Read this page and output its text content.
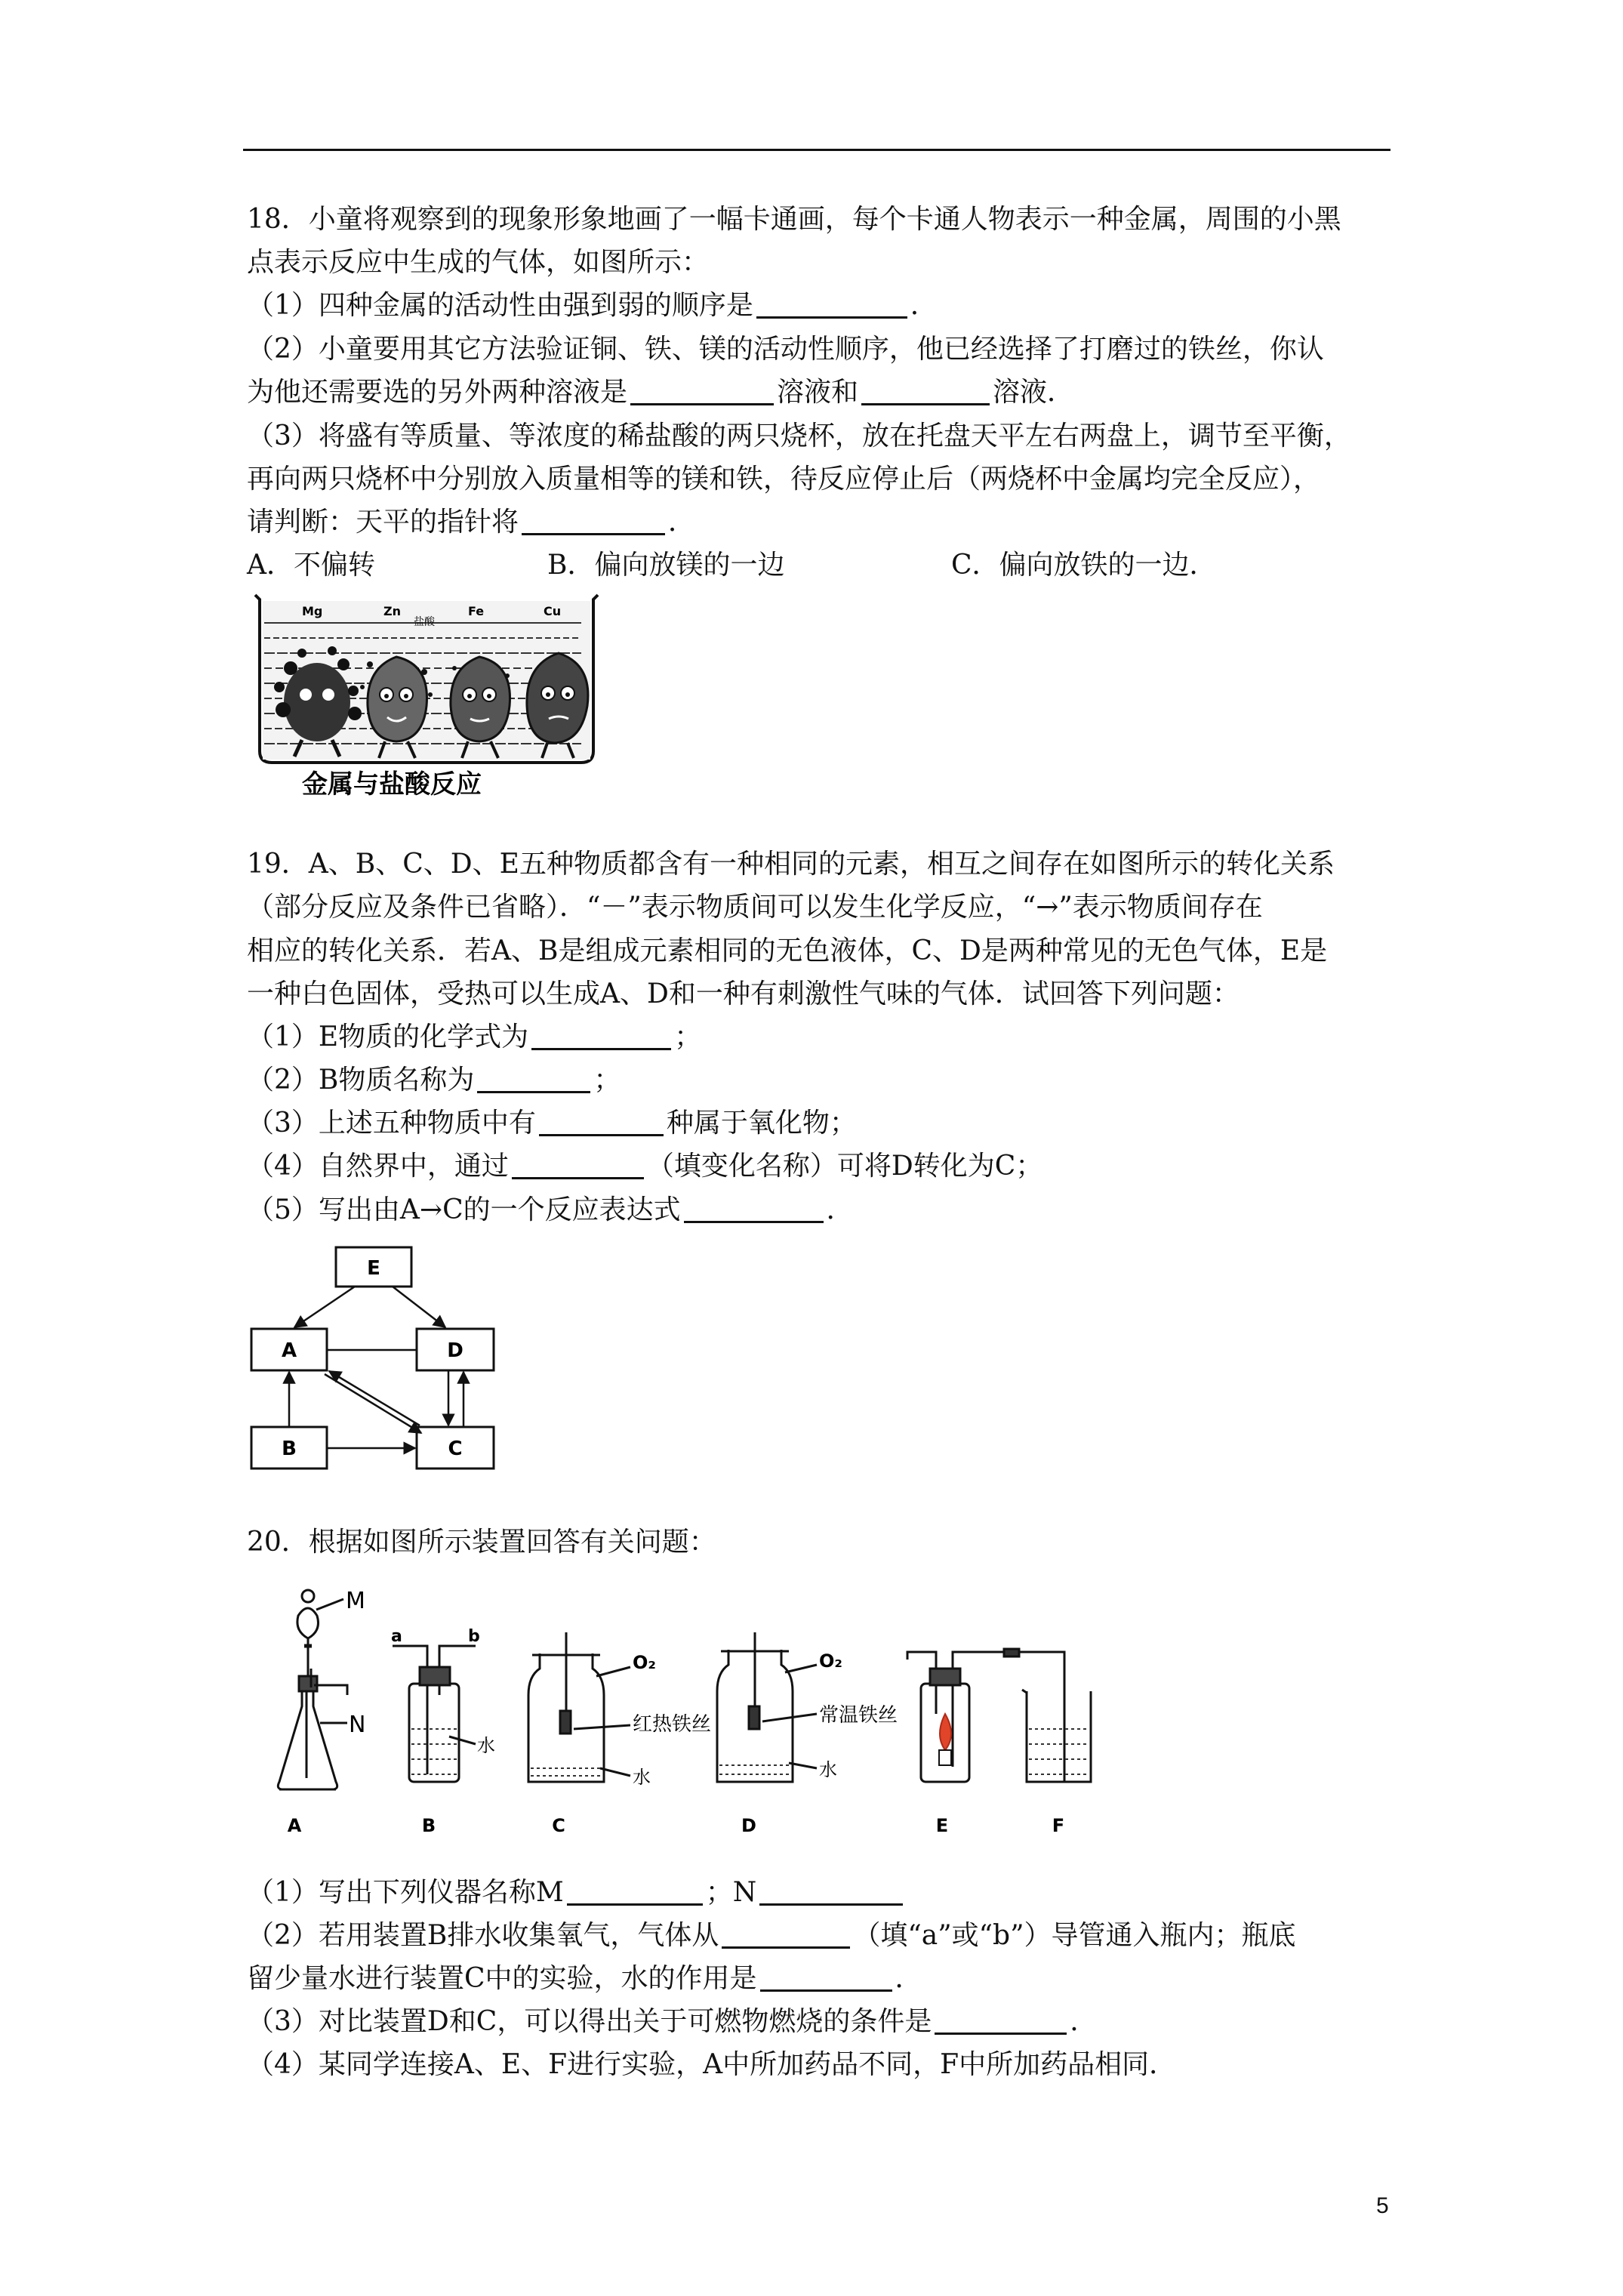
18．小童将观察到的现象形象地画了一幅卡通画，每个卡通人物表示一种金属，周围的小黑
点表示反应中生成的气体，如图所示：
（1）四种金属的活动性由强到弱的顺序是	．
（2）小童要用其它方法验证铜、铁、镁的活动性顺序，他已经选择了打磨过的铁丝，你认
为他还需要选的另外两种溶液是	溶液和	溶液．
（3）将盛有等质量、等浓度的稀盐酸的两只烧杯，放在托盘天平左右两盘上，调节至平衡，
再向两只烧杯中分别放入质量相等的镁和铁，待反应停止后（两烧杯中金属均完全反应），
请判断：天平的指针将	．
A．不偏转	B．偏向放镁的一边	C．偏向放铁的一边．
Mg	Zn
盐酸
Fe	Cu
金属与盐酸反应
19．A、B、C、D、E五种物质都含有一种相同的元素，相互之间存在如图所示的转化关系
（部分反应及条件已省略）．“－”表示物质间可以发生化学反应，“→”表示物质间存在
相应的转化关系．若A、B是组成元素相同的无色液体，C、D是两种常见的无色气体，E是
一种白色固体，受热可以生成A、D和一种有刺激性气味的气体．试回答下列问题：
（1）E物质的化学式为	；
（2）B物质名称为	；
（3）上述五种物质中有	种属于氧化物；
（4）自然界中，通过	（填变化名称）可将D转化为C；
（5）写出由A→C的一个反应表达式	．
E
A	D
B	C
20．根据如图所示装置回答有关问题：
M
N
a	b
水
O₂
红热铁丝
水
O₂
常温铁丝
水
A	B	C	D	E	F
（1）写出下列仪器名称M	；N
（2）若用装置B排水收集氧气，气体从	（填“a”或“b”）导管通入瓶内；瓶底
留少量水进行装置C中的实验，水的作用是	．
（3）对比装置D和C，可以得出关于可燃物燃烧的条件是	．
（4）某同学连接A、E、F进行实验，A中所加药品不同，F中所加药品相同．
5
